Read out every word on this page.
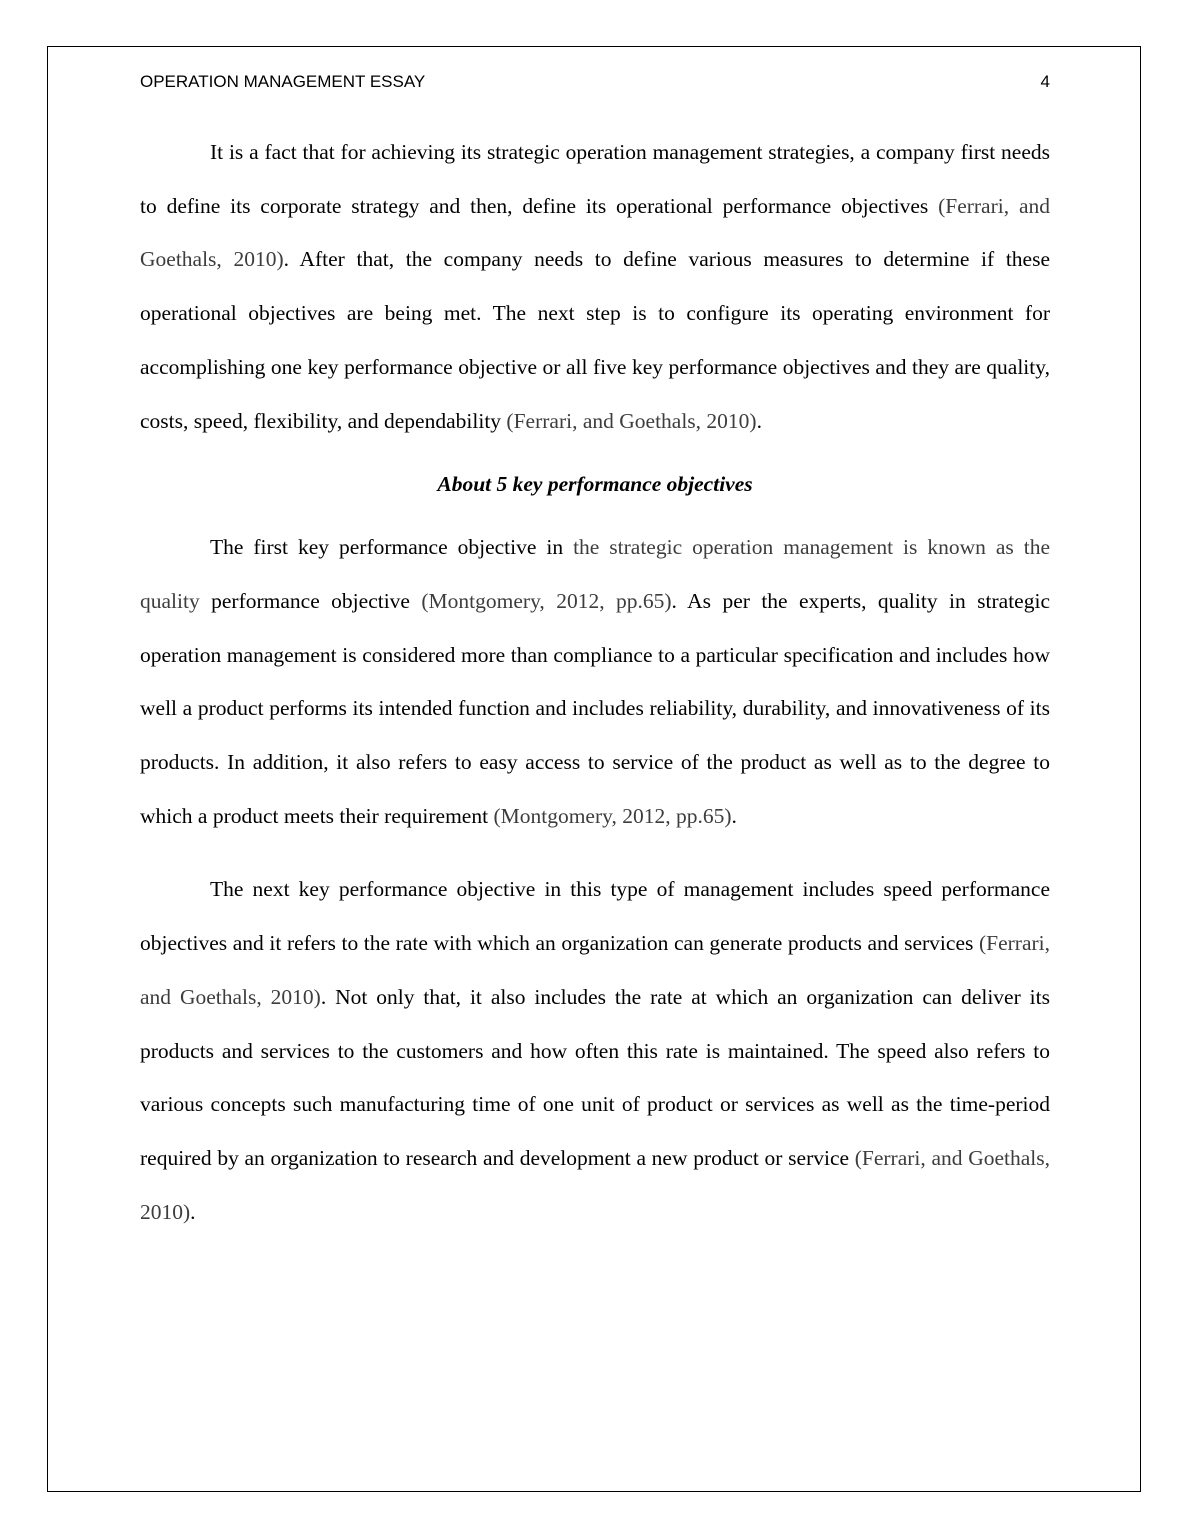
OPERATION MANAGEMENT ESSAY	4

It is a fact that for achieving its strategic operation management strategies, a company first needs to define its corporate strategy and then, define its operational performance objectives (Ferrari, and Goethals, 2010). After that, the company needs to define various measures to determine if these operational objectives are being met. The next step is to configure its operating environment for accomplishing one key performance objective or all five key performance objectives and they are quality, costs, speed, flexibility, and dependability (Ferrari, and Goethals, 2010).

About 5 key performance objectives

The first key performance objective in the strategic operation management is known as the quality performance objective (Montgomery, 2012, pp.65). As per the experts, quality in strategic operation management is considered more than compliance to a particular specification and includes how well a product performs its intended function and includes reliability, durability, and innovativeness of its products. In addition, it also refers to easy access to service of the product as well as to the degree to which a product meets their requirement (Montgomery, 2012, pp.65).

The next key performance objective in this type of management includes speed performance objectives and it refers to the rate with which an organization can generate products and services (Ferrari, and Goethals, 2010). Not only that, it also includes the rate at which an organization can deliver its products and services to the customers and how often this rate is maintained. The speed also refers to various concepts such manufacturing time of one unit of product or services as well as the time-period required by an organization to research and development a new product or service (Ferrari, and Goethals, 2010).
